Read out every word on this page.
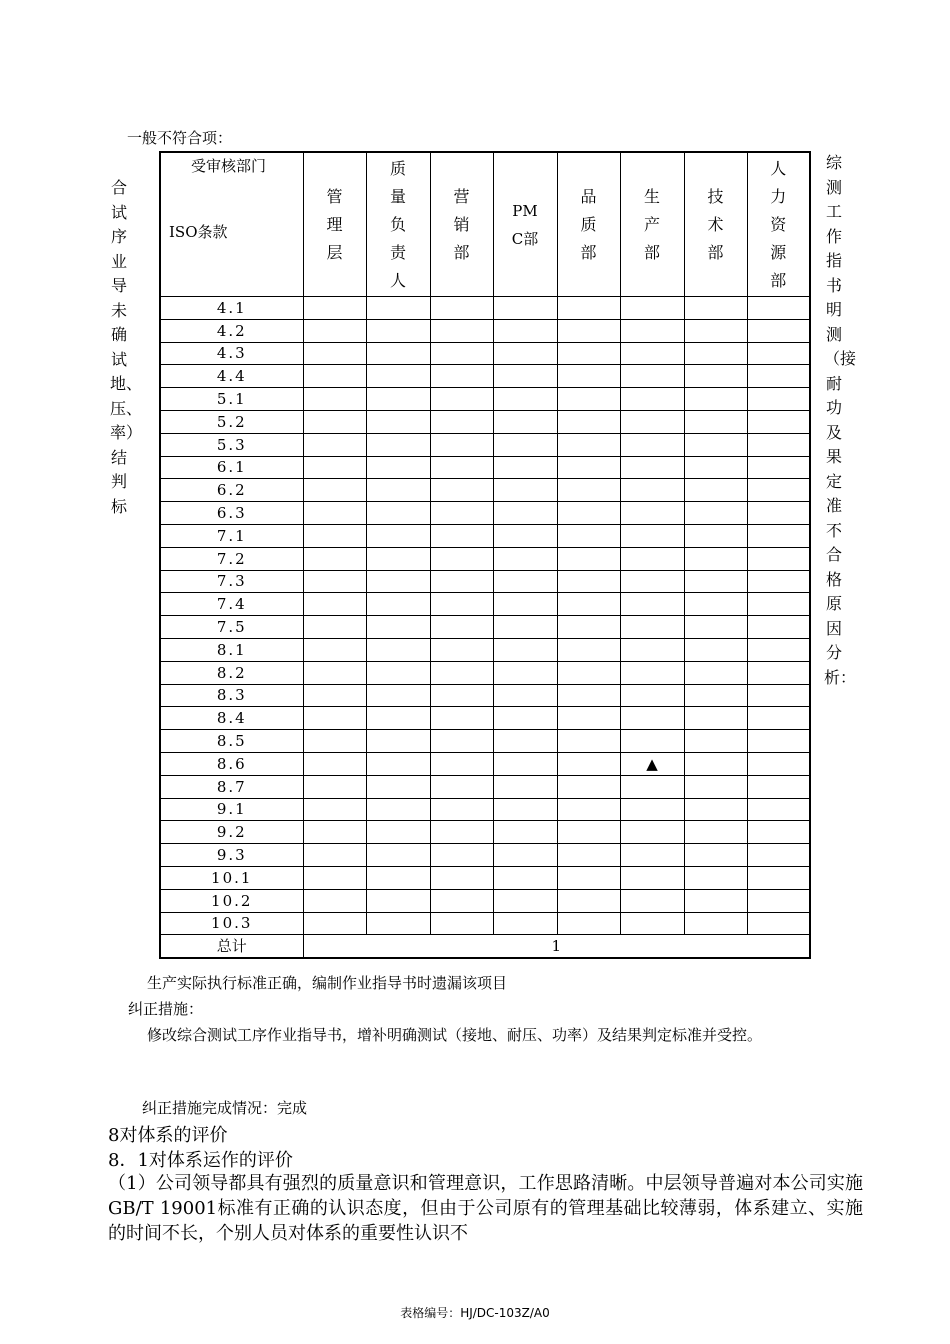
一般不符合项：
合试序业导未确试地、压、率）结判标
综测工作指书明测（接耐功及果定准不合格原因分析：
受审核部门
ISO条款	管理层	质量负责人	营销部	PMC部	品质部	生产部	技术部	人力资源部
4.1								
4.2								
4.3								
4.4								
5.1								
5.2								
5.3								
6.1								
6.2								
6.3								
7.1								
7.2								
7.3								
7.4								
7.5								
8.1								
8.2								
8.3								
8.4								
8.5								
8.6						▲		
8.7								
9.1								
9.2								
9.3								
10.1								
10.2								
10.3								
总计	1							
生产实际执行标准正确，编制作业指导书时遗漏该项目
纠正措施：
修改综合测试工序作业指导书，增补明确测试（接地、耐压、功率）及结果判定标准并受控。
纠正措施完成情况：完成
8对体系的评价
8．1对体系运作的评价
（1）公司领导都具有强烈的质量意识和管理意识，工作思路清晰。中层领导普遍对本公司实施GB/T 19001标准有正确的认识态度，但由于公司原有的管理基础比较薄弱，体系建立、实施的时间不长，个别人员对体系的重要性认识不
表格编号：HJ/DC-103Z/A0
